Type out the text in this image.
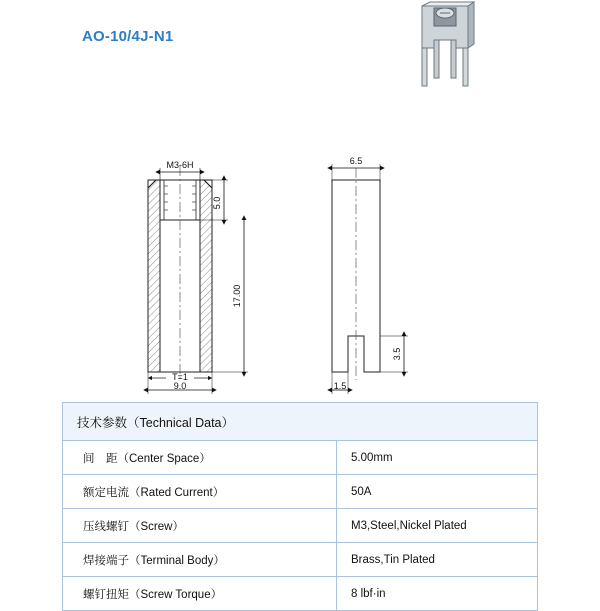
AO-10/4J-N1
M3-6H
5.0
17.00
T=1
9.0
6.5
3.5
1.5
技术参数（Technical Data）	
间　距（Center Space）	5.00mm
额定电流（Rated Current）	50A
压线螺钉（Screw）	M3,Steel,Nickel Plated
焊接端子（Terminal Body）	Brass,Tin Plated
螺钉扭矩（Screw Torque）	8 lbf·in
